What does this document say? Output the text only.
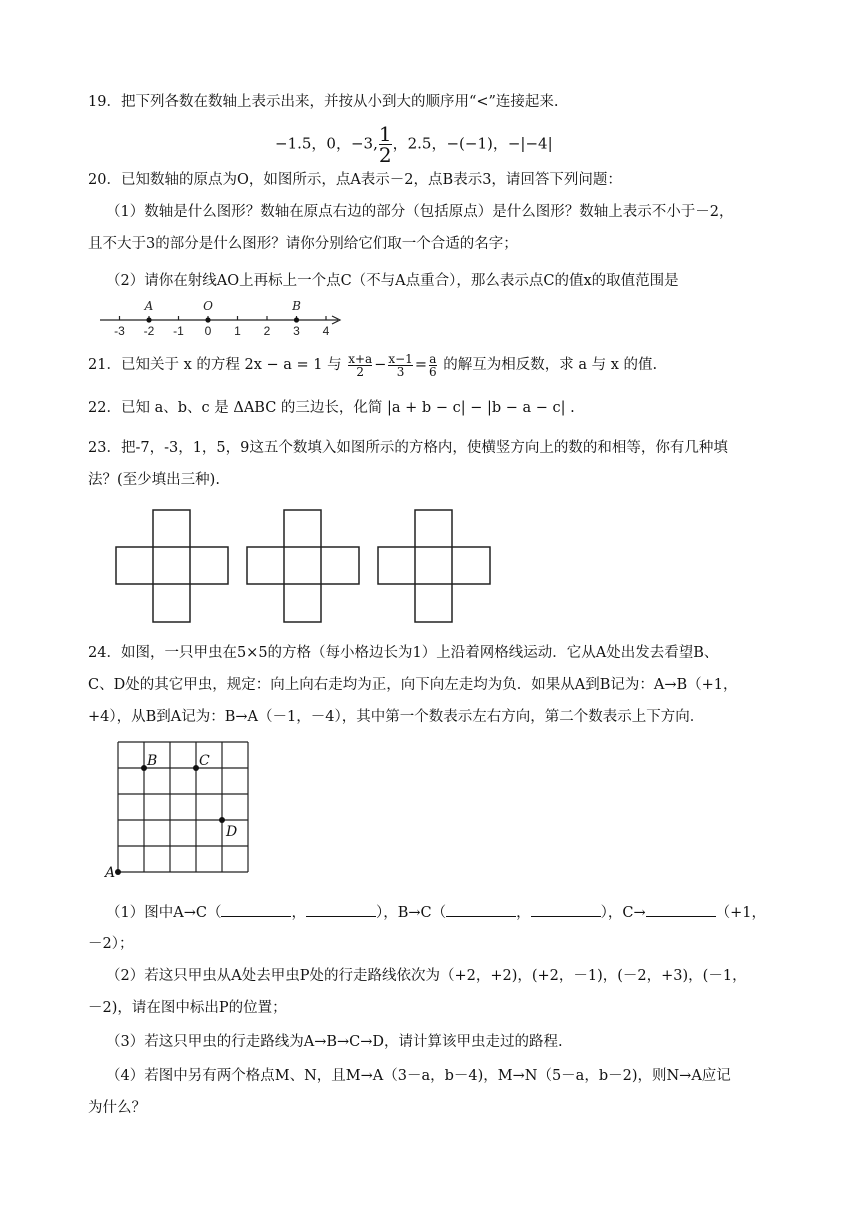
19．把下列各数在数轴上表示出来，并按从小到大的顺序用“<”连接起来.
−1.5，0，−3, $\frac{1}{2}$ ，2.5，−(−1)，−|−4|
20．已知数轴的原点为O，如图所示，点A表示－2，点B表示3，请回答下列问题：
（1）数轴是什么图形？数轴在原点右边的部分（包括原点）是什么图形？数轴上表示不小于－2，
且不大于3的部分是什么图形？请你分别给它们取一个合适的名字；
（2）请你在射线AO上再标上一个点C（不与A点重合），那么表示点C的值x的取值范围是
-3 -2 -1 0 1 2 3 4
A	O	B
21．已知关于 x 的方程 2x − a = 1 与 $\frac{x+a}{2} - \frac{x-1}{3} = \frac{a}{6}$ 的解互为相反数，求 a 与 x 的值.
22．已知 a、b、c 是 ΔABC 的三边长，化简 |a + b − c| − |b − a − c| .
23．把-7，-3，1，5，9这五个数填入如图所示的方格内，使横竖方向上的数的和相等，你有几种填
法？(至少填出三种).
24．如图，一只甲虫在5×5的方格（每小格边长为1）上沿着网格线运动．它从A处出发去看望B、
C、D处的其它甲虫，规定：向上向右走均为正，向下向左走均为负．如果从A到B记为：A→B（+1，
+4），从B到A记为：B→A（－1，－4），其中第一个数表示左右方向，第二个数表示上下方向．
A
B	C
D
（1）图中A→C（	，	），B→C（	，	），C→	（+1，
－2）；
（2）若这只甲虫从A处去甲虫P处的行走路线依次为（+2，+2)，(+2，－1)，(－2，+3)，(－1，
－2)，请在图中标出P的位置；
（3）若这只甲虫的行走路线为A→B→C→D，请计算该甲虫走过的路程.
（4）若图中另有两个格点M、N，且M→A（3－a，b－4)，M→N（5－a，b－2)，则N→A应记
为什么？
